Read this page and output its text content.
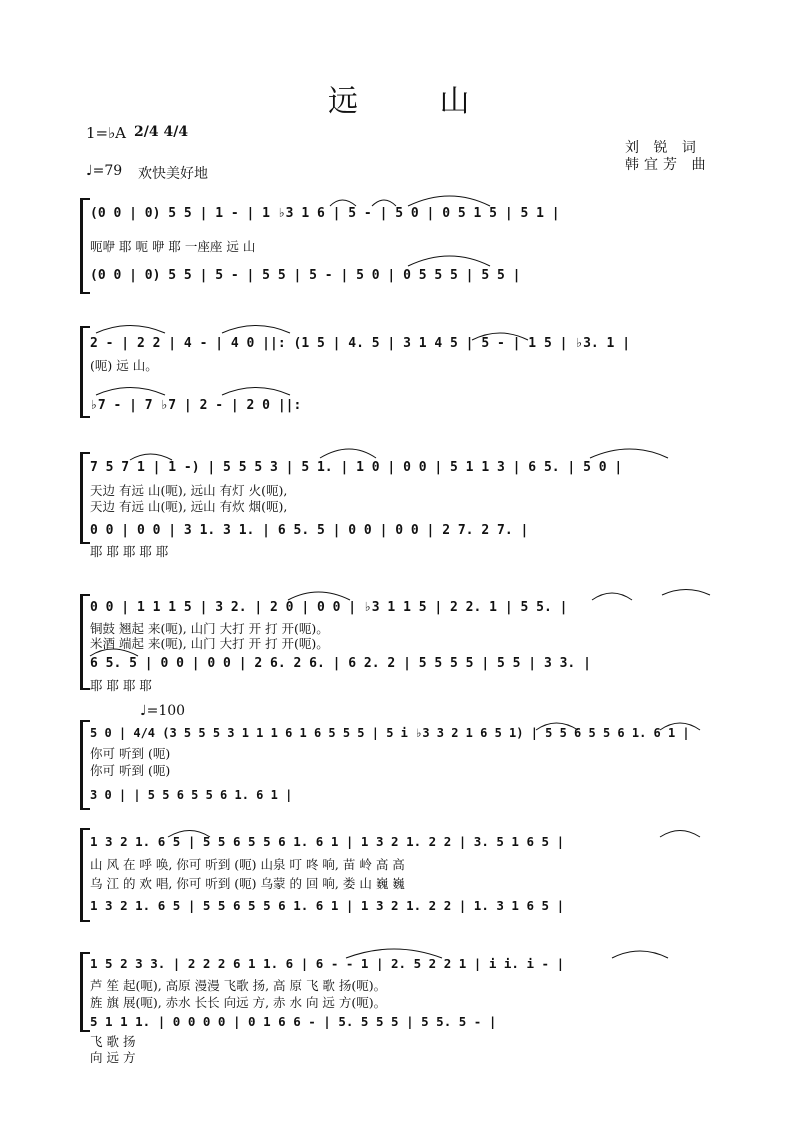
远 山
1=♭A 2/4 4/4
♩=79 欢快美好地
刘 锐 词
韩宜芳 曲
(0 0 | 0) 5 5 | 1 - | 1 ♭3 1 6 | 5 - | 5 0 | 0 5 1 5 | 5 1 |
呃咿 耶 呃 咿 耶 一座座 远 山
(0 0 | 0) 5 5 | 5 - | 5 5 | 5 - | 5 0 | 0 5 5 5 | 5 5 |
2 - | 2 2 | 4 - | 4 0 ||: (1 5 | 4. 5 | 3 1 4 5 | 5 - | 1 5 | ♭3. 1 |
(呃) 远 山。
♭7 - | 7 ♭7 | 2 - | 2 0 ||:
7 5 7 1 | 1 -) | 5 5 5 3 | 5 1. | 1 0 | 0 0 | 5 1 1 3 | 6 5. | 5 0 |
天边 有远 山(呃), 远山 有灯 火(呃),
天边 有远 山(呃), 远山 有炊 烟(呃),
0 0 | 0 0 | 3 1. 3 1. | 6 5. 5 | 0 0 | 0 0 | 2 7. 2 7. |
耶 耶 耶 耶 耶
0 0 | 1 1 1 5 | 3 2. | 2 0 | 0 0 | ♭3 1 1 5 | 2 2. 1 | 5 5. |
铜鼓 翘起 来(呃), 山门 大打 开 打 开(呃)。
米酒 端起 来(呃), 山门 大打 开 打 开(呃)。
6 5. 5 | 0 0 | 0 0 | 2 6. 2 6. | 6 2. 2 | 5 5 5 5 | 5 5 | 3 3. |
耶 耶 耶 耶
♩=100
5 0 | 4/4 (3 5 5 5 3 1 1 1 6 1 6 5 5 5 | 5 i ♭3 3 2 1 6 5 1) | 5 5 6 5 5 6 1. 6 1 |
你可 听到 (呃)
你可 听到 (呃)
3 0 | | 5 5 6 5 5 6 1. 6 1 |
1 3 2 1. 6 5 | 5 5 6 5 5 6 1. 6 1 | 1 3 2 1. 2 2 | 3. 5 1 6 5 |
山 风 在 呼 唤, 你可 听到 (呃) 山泉 叮 咚 响, 苗 岭 高 高
乌 江 的 欢 唱, 你可 听到 (呃) 乌蒙 的 回 响, 娄 山 巍 巍
1 3 2 1. 6 5 | 5 5 6 5 5 6 1. 6 1 | 1 3 2 1. 2 2 | 1. 3 1 6 5 |
1 5 2 3 3. | 2 2 2 6 1 1. 6 | 6 - - 1 | 2. 5 2 2 1 | i i. i - |
芦 笙 起(呃), 高原 漫漫 飞歌 扬, 高 原 飞 歌 扬(呃)。
旌 旗 展(呃), 赤水 长长 向远 方, 赤 水 向 远 方(呃)。
5 1 1 1. | 0 0 0 0 | 0 1 6 6 - | 5. 5 5 5 | 5 5. 5 - |
飞 歌 扬
向 远 方
